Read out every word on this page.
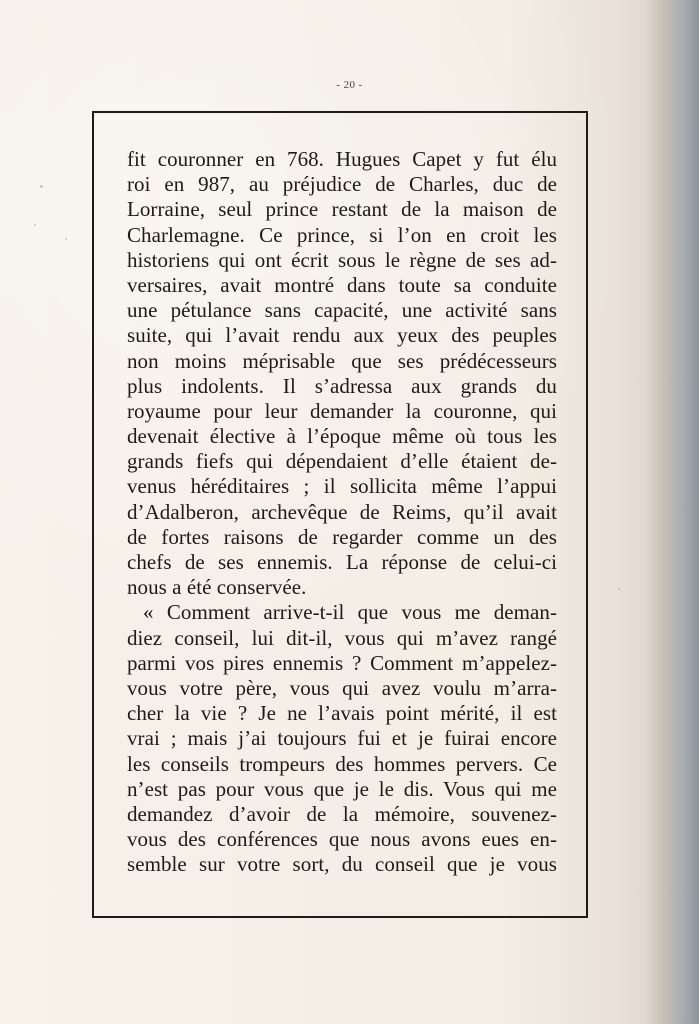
- 20 -
fit couronner en 768. Hugues Capet y fut élu
roi en 987, au préjudice de Charles, duc de
Lorraine, seul prince restant de la maison de
Charlemagne. Ce prince, si l’on en croit les
historiens qui ont écrit sous le règne de ses ad-
versaires, avait montré dans toute sa conduite
une pétulance sans capacité, une activité sans
suite, qui l’avait rendu aux yeux des peuples
non moins méprisable que ses prédécesseurs
plus indolents. Il s’adressa aux grands du
royaume pour leur demander la couronne, qui
devenait élective à l’époque même où tous les
grands fiefs qui dépendaient d’elle étaient de-
venus héréditaires ; il sollicita même l’appui
d’Adalberon, archevêque de Reims, qu’il avait
de fortes raisons de regarder comme un des
chefs de ses ennemis. La réponse de celui-ci
nous a été conservée.
« Comment arrive-t-il que vous me deman-
diez conseil, lui dit-il, vous qui m’avez rangé
parmi vos pires ennemis ? Comment m’appelez-
vous votre père, vous qui avez voulu m’arra-
cher la vie ? Je ne l’avais point mérité, il est
vrai ; mais j’ai toujours fui et je fuirai encore
les conseils trompeurs des hommes pervers. Ce
n’est pas pour vous que je le dis. Vous qui me
demandez d’avoir de la mémoire, souvenez-
vous des conférences que nous avons eues en-
semble sur votre sort, du conseil que je vous
